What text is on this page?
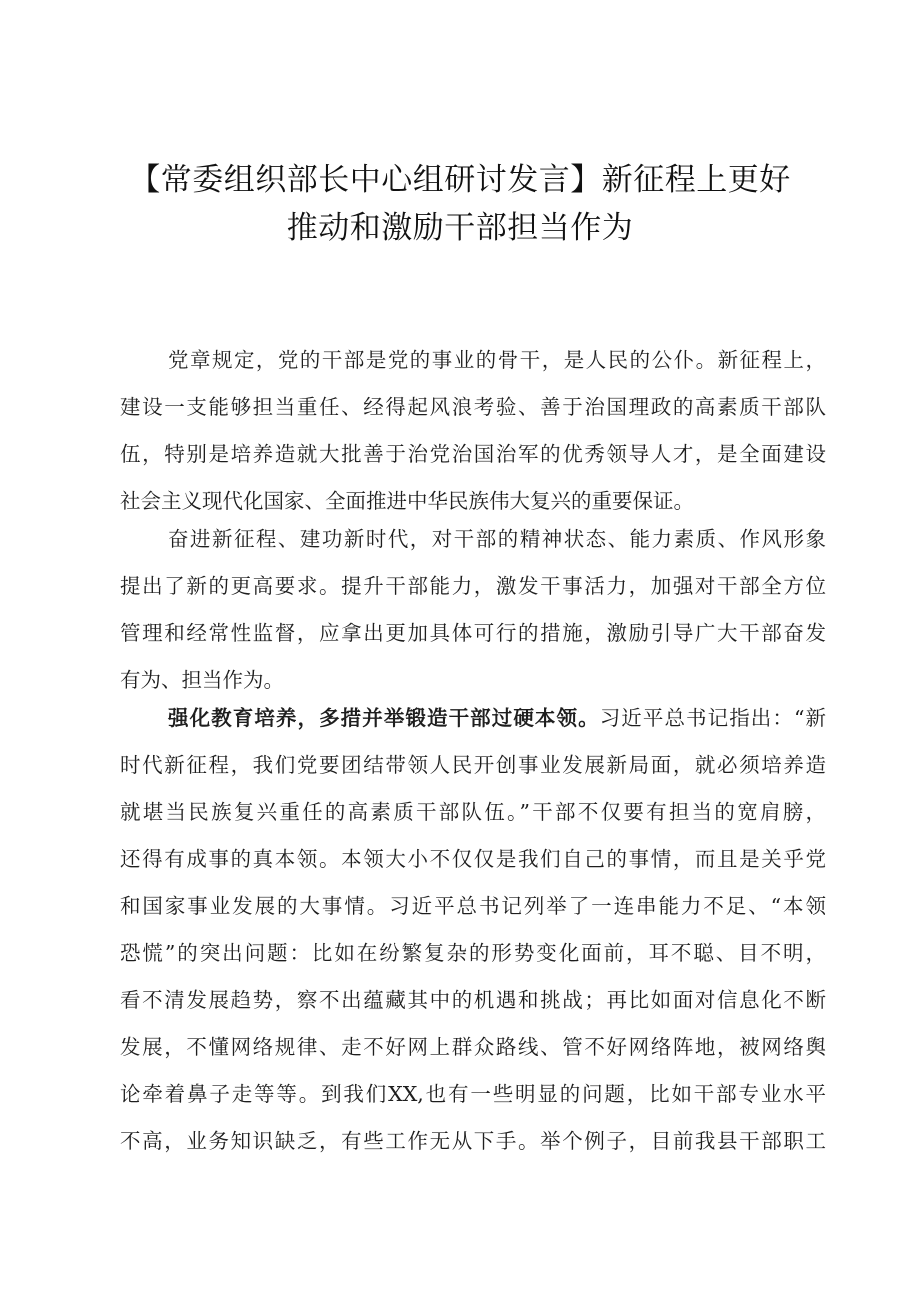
【常委组织部长中心组研讨发言】新征程上更好
推动和激励干部担当作为
党章规定，党的干部是党的事业的骨干，是人民的公仆。新征程上，
建设一支能够担当重任、经得起风浪考验、善于治国理政的高素质干部队
伍，特别是培养造就大批善于治党治国治军的优秀领导人才，是全面建设
社会主义现代化国家、全面推进中华民族伟大复兴的重要保证。
奋进新征程、建功新时代，对干部的精神状态、能力素质、作风形象
提出了新的更高要求。提升干部能力，激发干事活力，加强对干部全方位
管理和经常性监督，应拿出更加具体可行的措施，激励引导广大干部奋发
有为、担当作为。
强化教育培养，多措并举锻造干部过硬本领。习近平总书记指出：“新
时代新征程，我们党要团结带领人民开创事业发展新局面，就必须培养造
就堪当民族复兴重任的高素质干部队伍。”干部不仅要有担当的宽肩膀，
还得有成事的真本领。本领大小不仅仅是我们自己的事情，而且是关乎党
和国家事业发展的大事情。习近平总书记列举了一连串能力不足、“本领
恐慌”的突出问题：比如在纷繁复杂的形势变化面前，耳不聪、目不明，
看不清发展趋势，察不出蕴藏其中的机遇和挑战；再比如面对信息化不断
发展，不懂网络规律、走不好网上群众路线、管不好网络阵地，被网络舆
论牵着鼻子走等等。到我们XX,也有一些明显的问题，比如干部专业水平
不高，业务知识缺乏，有些工作无从下手。举个例子，目前我县干部职工
